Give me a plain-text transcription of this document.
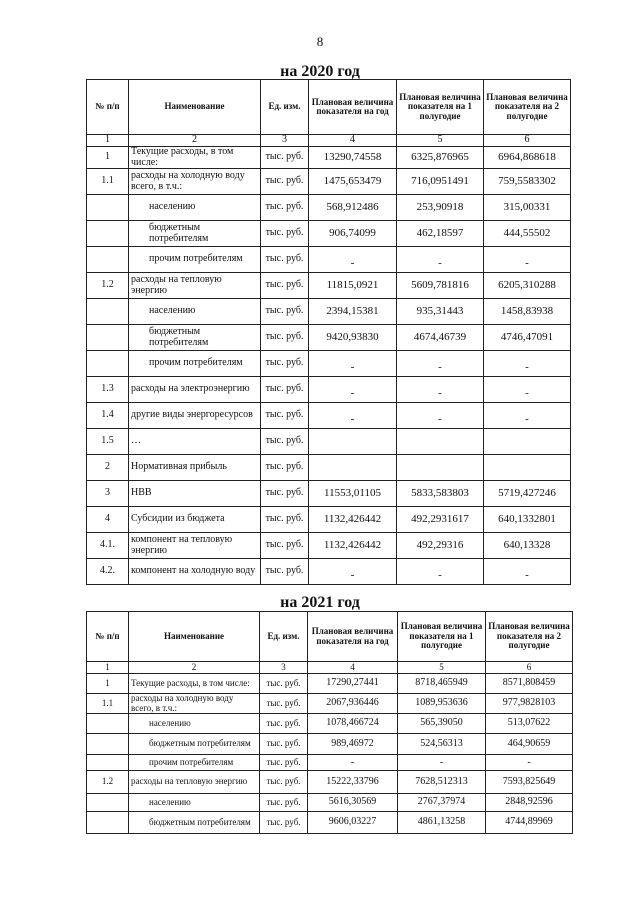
8
на 2020 год
№ п/п	Наименование	Ед. изм.	Плановая величина показателя на год	Плановая величина показателя на 1 полугодие	Плановая величина показателя на 2 полугодие
1	2	3	4	5	6
1	Текущие расходы, в том числе:	тыс. руб.	13290,74558	6325,876965	6964,868618
1.1	расходы на холодную воду всего, в т.ч.:	тыс. руб.	1475,653479	716,0951491	759,5583302
	населению	тыс. руб.	568,912486	253,90918	315,00331
	бюджетным потребителям	тыс. руб.	906,74099	462,18597	444,55502
	прочим потребителям	тыс. руб.	-	-	-
1.2	расходы на тепловую энергию	тыс. руб.	11815,0921	5609,781816	6205,310288
	населению	тыс. руб.	2394,15381	935,31443	1458,83938
	бюджетным потребителям	тыс. руб.	9420,93830	4674,46739	4746,47091
	прочим потребителям	тыс. руб.	-	-	-
1.3	расходы на электроэнергию	тыс. руб.	-	-	-
1.4	другие виды энергоресурсов	тыс. руб.	-	-	-
1.5	…	тыс. руб.			
2	Нормативная прибыль	тыс. руб.			
3	НВВ	тыс. руб.	11553,01105	5833,583803	5719,427246
4	Субсидии из бюджета	тыс. руб.	1132,426442	492,2931617	640,1332801
4.1.	компонент на тепловую энергию	тыс. руб.	1132,426442	492,29316	640,13328
4.2.	компонент на холодную воду	тыс. руб.	-	-	-
на 2021 год
№ п/п	Наименование	Ед. изм.	Плановая величина показателя на год	Плановая величина показателя на 1 полугодие	Плановая величина показателя на 2 полугодие
1	2	3	4	5	6
1	Текущие расходы, в том числе:	тыс. руб.	17290,27441	8718,465949	8571,808459
1.1	расходы на холодную воду всего, в т.ч.:	тыс. руб.	2067,936446	1089,953636	977,9828103
	населению	тыс. руб.	1078,466724	565,39050	513,07622
	бюджетным потребителям	тыс. руб.	989,46972	524,56313	464,90659
	прочим потребителям	тыс. руб.	-	-	-
1.2	расходы на тепловую энергию	тыс. руб.	15222,33796	7628,512313	7593,825649
	населению	тыс. руб.	5616,30569	2767,37974	2848,92596
	бюджетным потребителям	тыс. руб.	9606,03227	4861,13258	4744,89969
